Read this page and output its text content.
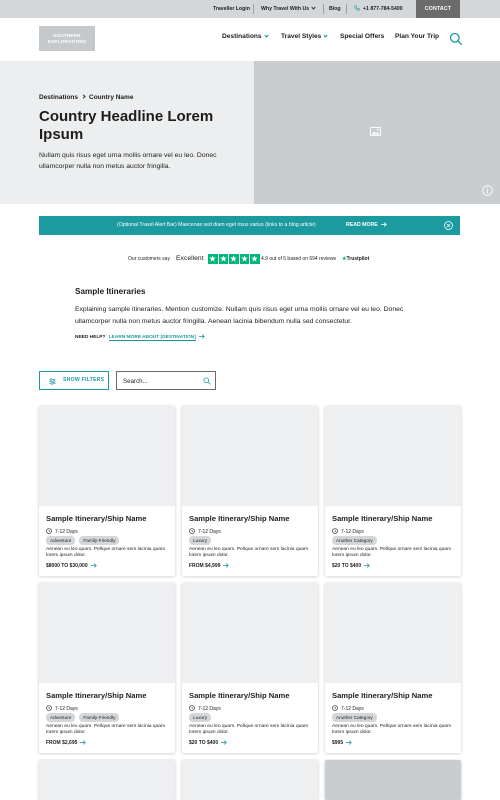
Traveller Login Why Travel With Us	Blog	+1 877-784-5400	CONTACT
SOUTHERN EXPLORATIONS
Destinations	Travel Styles	Special Offers Plan Your Trip
Destinations Country Name
Country Headline Lorem Ipsum
Nullam quis risus eget urna mollis ornare vel eu leo. Donec ullamcorper nulla non metus auctor fringilla.
(Optional Travel Alert Bar) Maecenas sed diam eget risus varius (links to a blog article)	READ MORE
Our customers say Excellent	4.9 out of 5 based on 694 reviews ★Trustpilot
Sample Itineraries
Explaining sample itineraries. Mention customize. Nullam quis risus eget urna mollis ornare vel eu leo. Donec ullamcorper nulla non metus auctor fringilla. Aenean lacinia bibendum nulla sed consectetur.
NEED HELP? LEARN MORE ABOUT [DESTINATION]
SHOW FILTERS
Search...
Sample Itinerary/Ship Name
7-12 Days
Adventure	Family-Friendly
Aenean eu leo quam. Pellque ornare sem lacinia quam lorem ipsum dolor.
$8000 TO $30,000
Sample Itinerary/Ship Name
7-12 Days
Luxury
Aenean eu leo quam. Pellque ornare sem lacinia quam lorem ipsum dolor.
FROM $4,999
Sample Itinerary/Ship Name
7-12 Days
Another Category
Aenean eu leo quam. Pellque ornare sem lacinia quam lorem ipsum dolor.
$20 TO $400
Sample Itinerary/Ship Name
7-12 Days
Adventure	Family-Friendly
Aenean eu leo quam. Pellque ornare sem lacinia quam lorem ipsum dolor.
FROM $2,695
Sample Itinerary/Ship Name
7-12 Days
Luxury
Aenean eu leo quam. Pellque ornare sem lacinia quam lorem ipsum dolor.
$20 TO $400
Sample Itinerary/Ship Name
7-12 Days
Another Category
Aenean eu leo quam. Pellque ornare sem lacinia quam lorem ipsum dolor.
$995
